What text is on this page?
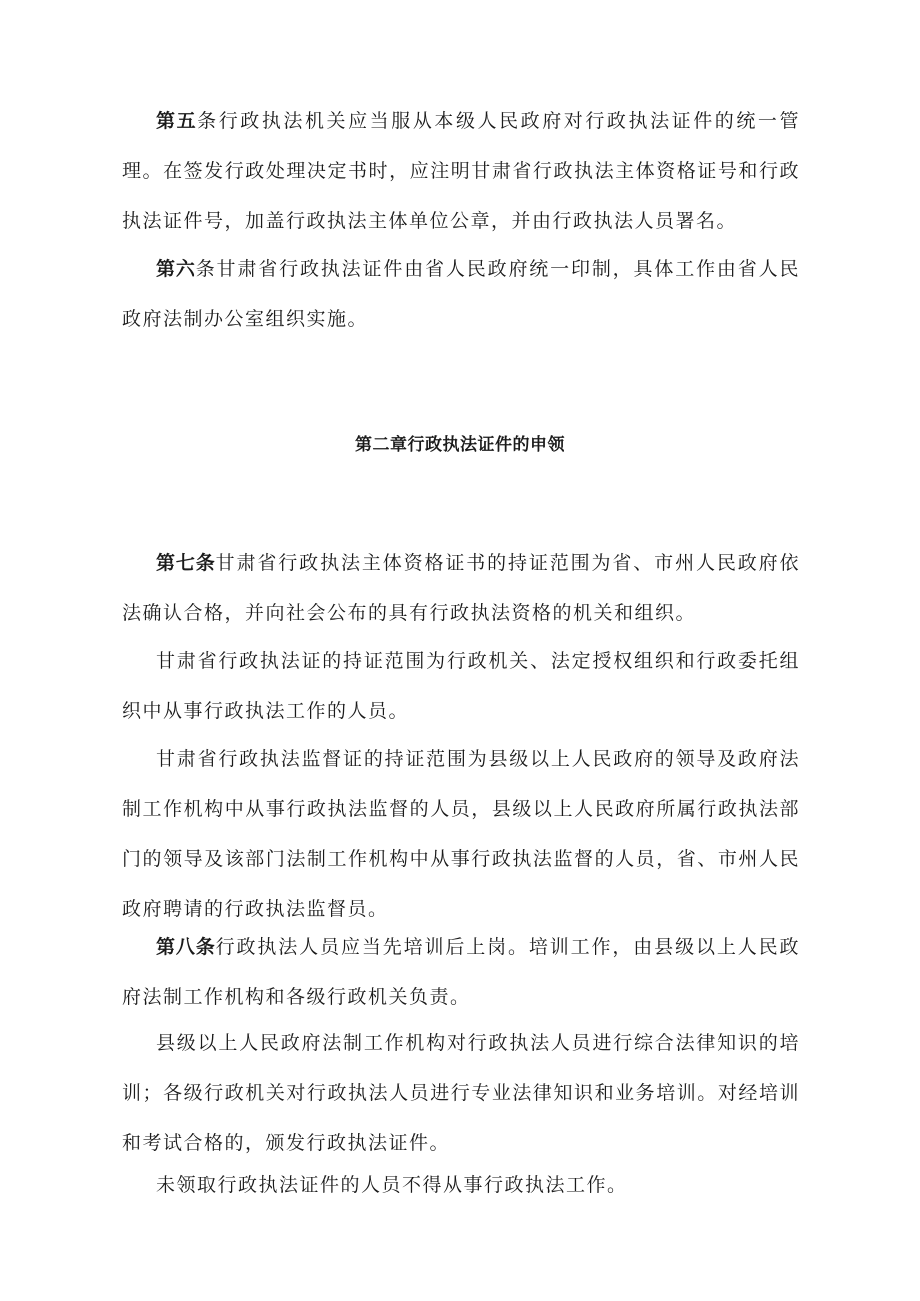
第五条行政执法机关应当服从本级人民政府对行政执法证件的统一管理。在签发行政处理决定书时，应注明甘肃省行政执法主体资格证号和行政执法证件号，加盖行政执法主体单位公章，并由行政执法人员署名。

第六条甘肃省行政执法证件由省人民政府统一印制，具体工作由省人民政府法制办公室组织实施。

第二章行政执法证件的申领

第七条甘肃省行政执法主体资格证书的持证范围为省、市州人民政府依法确认合格，并向社会公布的具有行政执法资格的机关和组织。

甘肃省行政执法证的持证范围为行政机关、法定授权组织和行政委托组织中从事行政执法工作的人员。

甘肃省行政执法监督证的持证范围为县级以上人民政府的领导及政府法制工作机构中从事行政执法监督的人员，县级以上人民政府所属行政执法部门的领导及该部门法制工作机构中从事行政执法监督的人员，省、市州人民政府聘请的行政执法监督员。

第八条行政执法人员应当先培训后上岗。培训工作，由县级以上人民政府法制工作机构和各级行政机关负责。

县级以上人民政府法制工作机构对行政执法人员进行综合法律知识的培训；各级行政机关对行政执法人员进行专业法律知识和业务培训。对经培训和考试合格的，颁发行政执法证件。

未领取行政执法证件的人员不得从事行政执法工作。
